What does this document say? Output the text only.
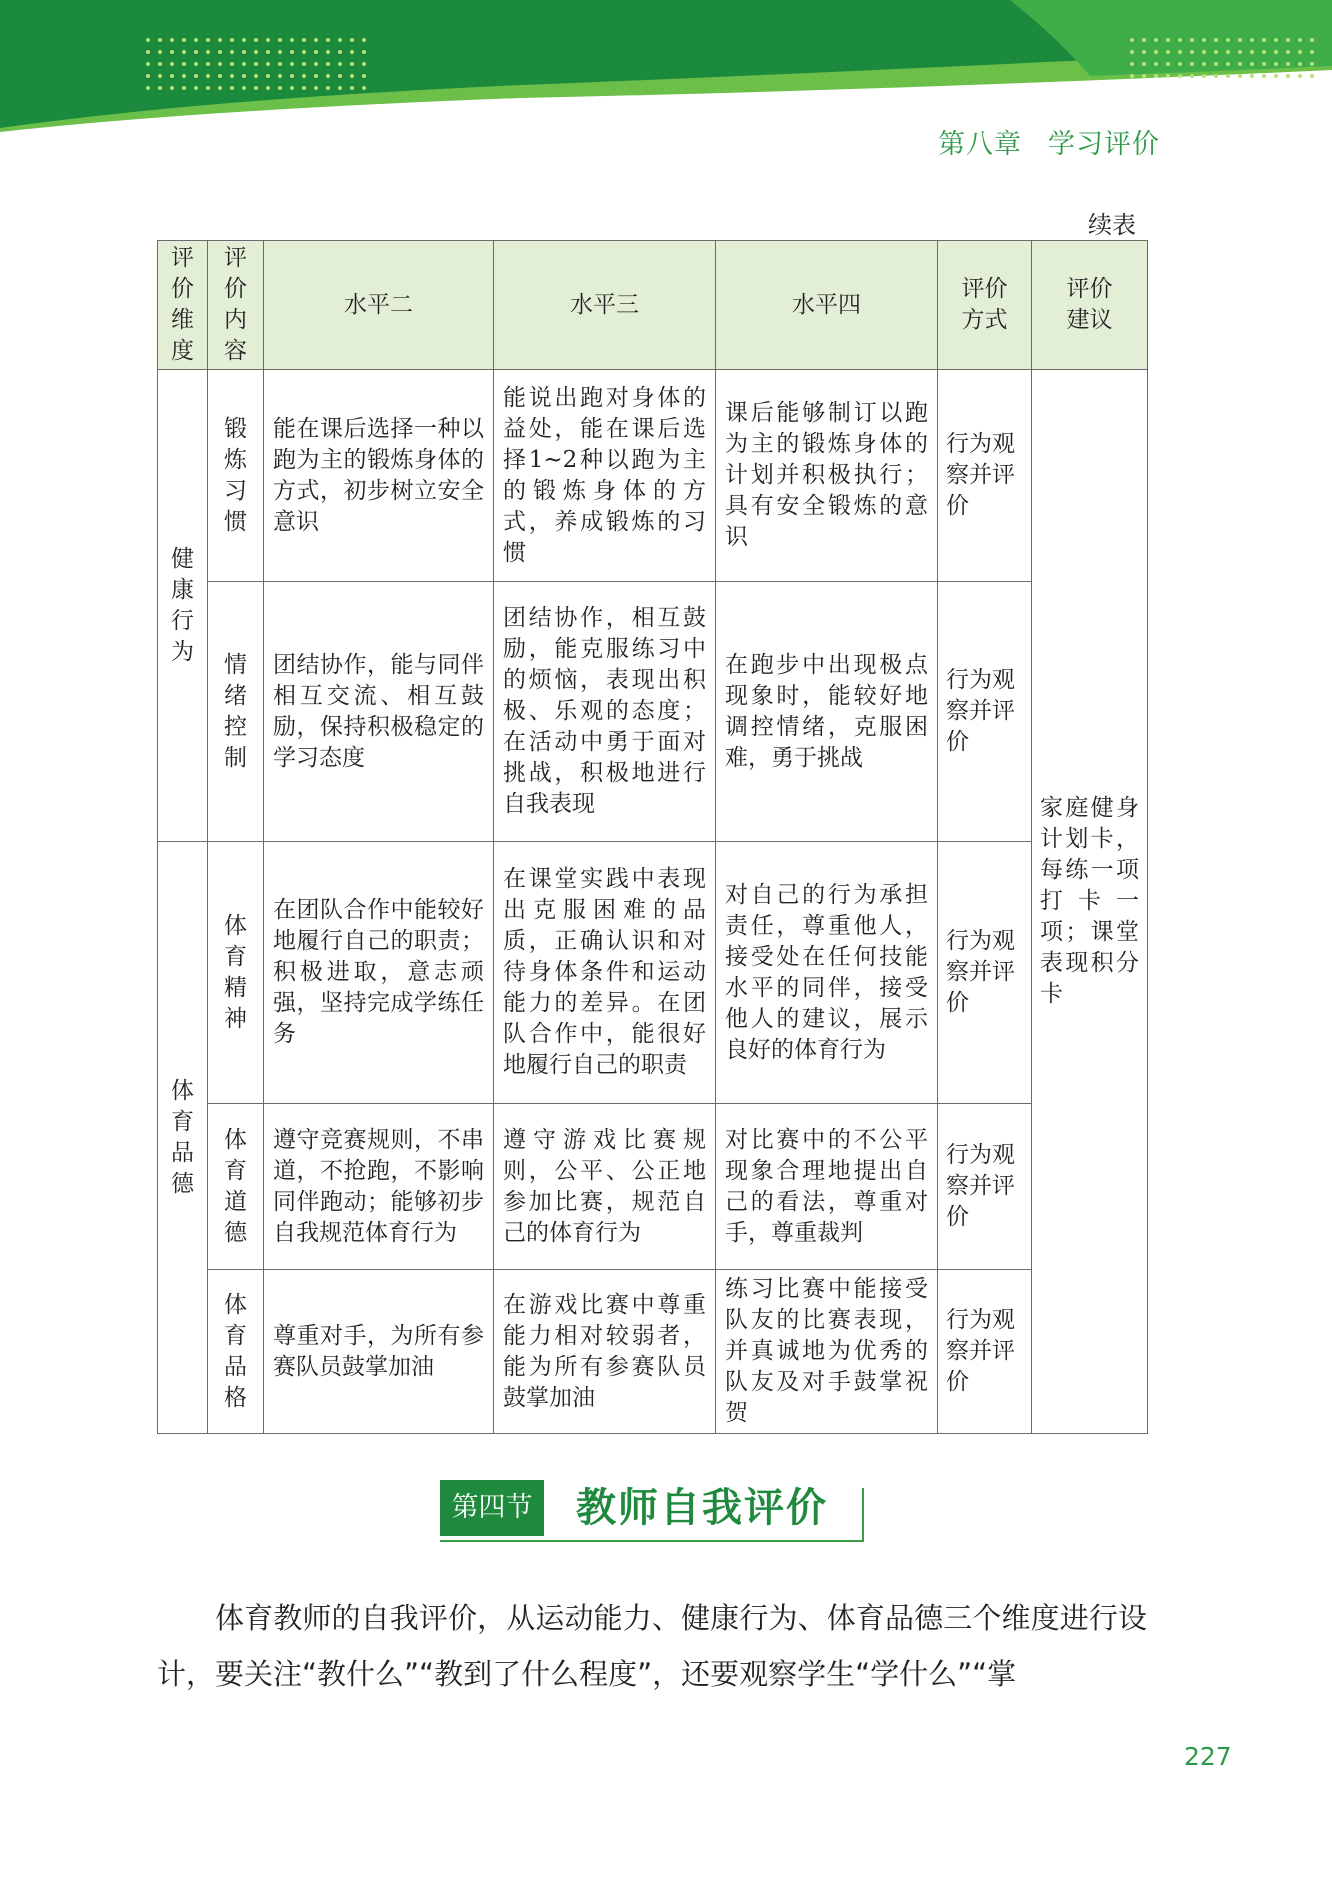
第八章 学习评价
续表
评价维度	评价内容	水平二	水平三	水平四	评价方式	评价建议
健康行为	锻炼习惯	能在课后选择一种以跑为主的锻炼身体的方式，初步树立安全意识	能说出跑对身体的益处，能在课后选择1~2种以跑为主的锻炼身体的方式，养成锻炼的习惯	课后能够制订以跑为主的锻炼身体的计划并积极执行；具有安全锻炼的意识	行为观察并评价	家庭健身计划卡，每练一项打卡一项；课堂表现积分卡
	情绪控制	团结协作，能与同伴相互交流、相互鼓励，保持积极稳定的学习态度	团结协作，相互鼓励，能克服练习中的烦恼，表现出积极、乐观的态度；在活动中勇于面对挑战，积极地进行自我表现	在跑步中出现极点现象时，能较好地调控情绪，克服困难，勇于挑战	行为观察并评价	
体育品德	体育精神	在团队合作中能较好地履行自己的职责；积极进取，意志顽强，坚持完成学练任务	在课堂实践中表现出克服困难的品质，正确认识和对待身体条件和运动能力的差异。在团队合作中，能很好地履行自己的职责	对自己的行为承担责任，尊重他人，接受处在任何技能水平的同伴，接受他人的建议，展示良好的体育行为	行为观察并评价	
	体育道德	遵守竞赛规则，不串道，不抢跑，不影响同伴跑动；能够初步自我规范体育行为	遵守游戏比赛规则，公平、公正地参加比赛，规范自己的体育行为	对比赛中的不公平现象合理地提出自己的看法，尊重对手，尊重裁判	行为观察并评价	
	体育品格	尊重对手，为所有参赛队员鼓掌加油	在游戏比赛中尊重能力相对较弱者，能为所有参赛队员鼓掌加油	练习比赛中能接受队友的比赛表现，并真诚地为优秀的队友及对手鼓掌祝贺	行为观察并评价	
第四节 教师自我评价

体育教师的自我评价，从运动能力、健康行为、体育品德三个维度进行设计，要关注“教什么”“教到了什么程度”，还要观察学生“学什么”“掌

227
